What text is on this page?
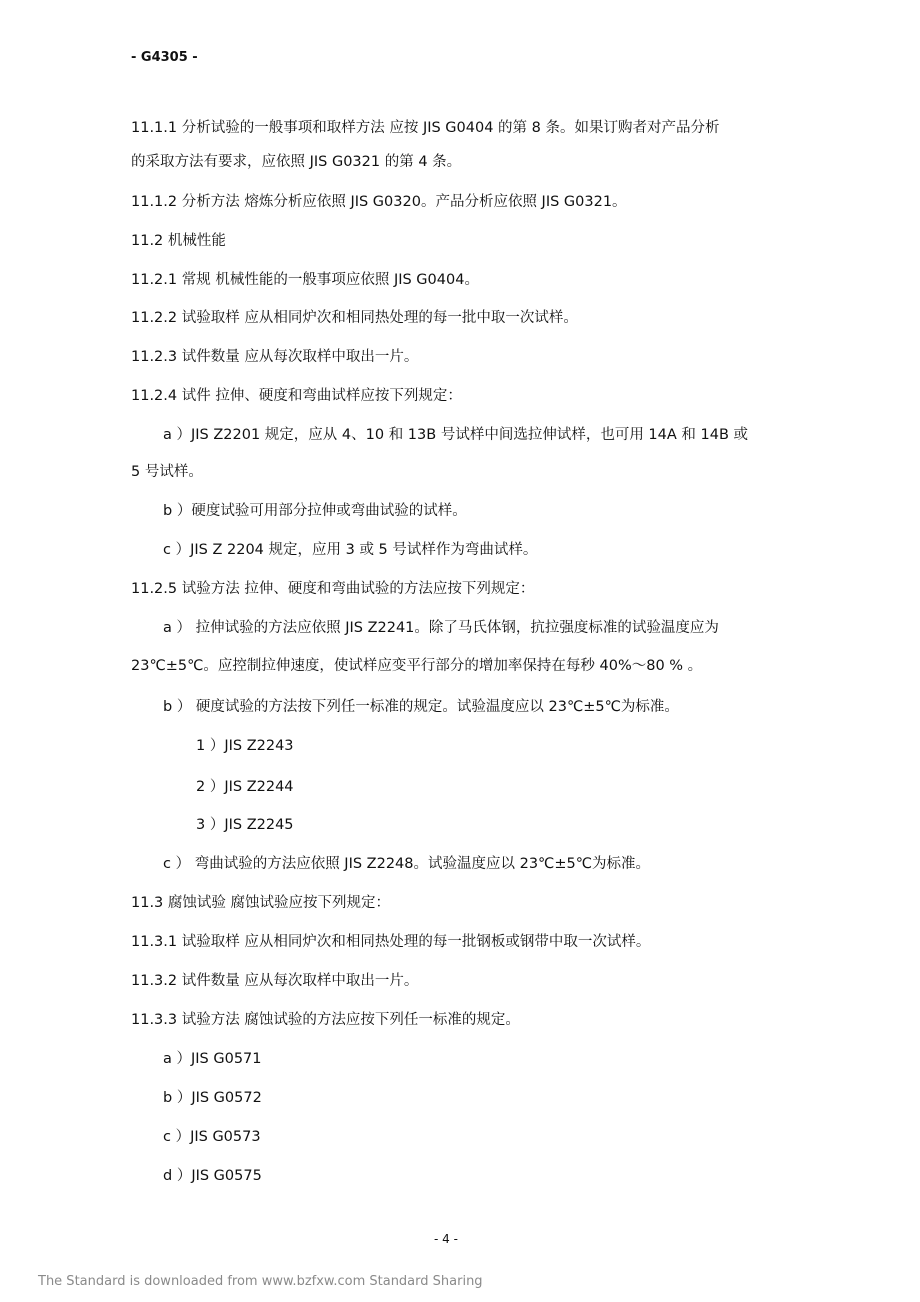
- G4305 -
11.1.1 分析试验的一般事项和取样方法 应按 JIS G0404 的第 8 条。如果订购者对产品分析
的采取方法有要求，应依照 JIS G0321 的第 4 条。
11.1.2 分析方法 熔炼分析应依照 JIS G0320。产品分析应依照 JIS G0321。
11.2 机械性能
11.2.1 常规 机械性能的一般事项应依照 JIS G0404。
11.2.2 试验取样 应从相同炉次和相同热处理的每一批中取一次试样。
11.2.3 试件数量 应从每次取样中取出一片。
11.2.4 试件 拉伸、硬度和弯曲试样应按下列规定：
a ）JIS Z2201 规定，应从 4、10 和 13B 号试样中间选拉伸试样，也可用 14A 和 14B 或
5 号试样。
b ）硬度试验可用部分拉伸或弯曲试验的试样。
c ）JIS Z 2204 规定，应用 3 或 5 号试样作为弯曲试样。
11.2.5 试验方法 拉伸、硬度和弯曲试验的方法应按下列规定：
a ） 拉伸试验的方法应依照 JIS Z2241。除了马氏体钢，抗拉强度标准的试验温度应为
23℃±5℃。应控制拉伸速度，使试样应变平行部分的增加率保持在每秒 40%～80 % 。
b ） 硬度试验的方法按下列任一标准的规定。试验温度应以 23℃±5℃为标准。
1 ）JIS Z2243
2 ）JIS Z2244
3 ）JIS Z2245
c ） 弯曲试验的方法应依照 JIS Z2248。试验温度应以 23℃±5℃为标准。
11.3 腐蚀试验 腐蚀试验应按下列规定：
11.3.1 试验取样 应从相同炉次和相同热处理的每一批钢板或钢带中取一次试样。
11.3.2 试件数量 应从每次取样中取出一片。
11.3.3 试验方法 腐蚀试验的方法应按下列任一标准的规定。
a ）JIS G0571
b ）JIS G0572
c ）JIS G0573
d ）JIS G0575
- 4 -
The Standard is downloaded from www.bzfxw.com Standard Sharing
